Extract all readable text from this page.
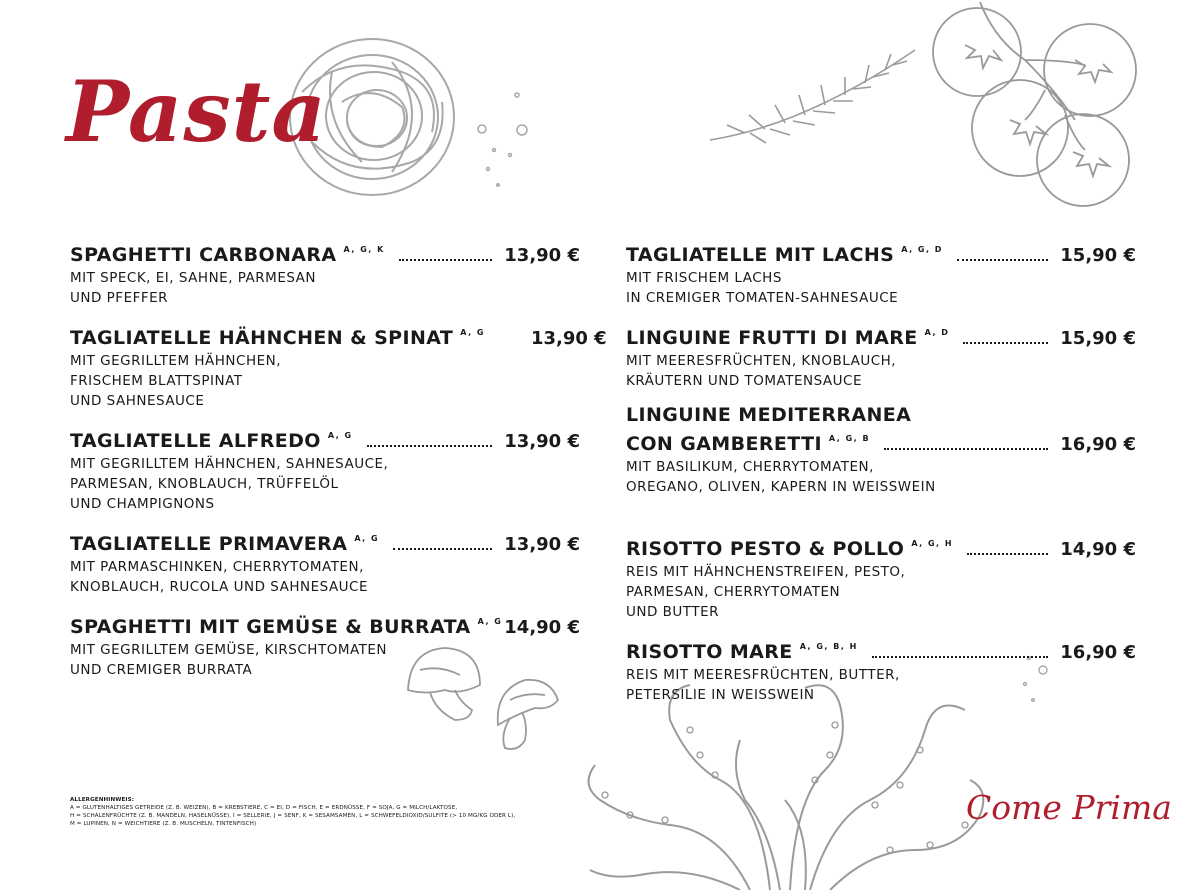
Pasta
SPAGHETTI CARBONARA $^{A, G, K}$	13,90 €
MIT SPECK, EI, SAHNE, PARMESAN
UND PFEFFER
TAGLIATELLE HÄHNCHEN & SPINAT $^{A, G}$	13,90 €
MIT GEGRILLTEM HÄHNCHEN,
FRISCHEM BLATTSPINAT
UND SAHNESAUCE
TAGLIATELLE ALFREDO $^{A, G}$	13,90 €
MIT GEGRILLTEM HÄHNCHEN, SAHNESAUCE,
PARMESAN, KNOBLAUCH, TRÜFFELÖL
UND CHAMPIGNONS
TAGLIATELLE PRIMAVERA $^{A, G}$	13,90 €
MIT PARMASCHINKEN, CHERRYTOMATEN,
KNOBLAUCH, RUCOLA UND SAHNESAUCE
SPAGHETTI MIT GEMÜSE & BURRATA $^{A, G}$ 14,90 €
MIT GEGRILLTEM GEMÜSE, KIRSCHTOMATEN
UND CREMIGER BURRATA
TAGLIATELLE MIT LACHS $^{A, G, D}$	15,90 €
MIT FRISCHEM LACHS
IN CREMIGER TOMATEN-SAHNESAUCE
LINGUINE FRUTTI DI MARE $^{A, D}$	15,90 €
MIT MEERESFRÜCHTEN, KNOBLAUCH,
KRÄUTERN UND TOMATENSAUCE
LINGUINE MEDITERRANEA
CON GAMBERETTI $^{A, G, B}$	16,90 €
MIT BASILIKUM, CHERRYTOMATEN,
OREGANO, OLIVEN, KAPERN IN WEISSWEIN
RISOTTO PESTO & POLLO $^{A, G, H}$	14,90 €
REIS MIT HÄHNCHENSTREIFEN, PESTO,
PARMESAN, CHERRYTOMATEN
UND BUTTER
RISOTTO MARE $^{A, G, B, H}$	16,90 €
REIS MIT MEERESFRÜCHTEN, BUTTER,
PETERSILIE IN WEISSWEIN
ALLERGENHINWEIS:
A = GLUTENHALTIGES GETREIDE (Z. B. WEIZEN), B = KREBSTIERE, C = EI, D = FISCH, E = ERDNÜSSE, F = SOJA, G = MILCH/LAKTOSE,
H = SCHALENFRÜCHTE (Z. B. MANDELN, HASELNÜSSE), I = SELLERIE, J = SENF, K = SESAMSAMEN, L = SCHWEFELDIOXID/SULFITE (> 10 MG/KG ODER L),
M = LUPINEN, N = WEICHTIERE (Z. B. MUSCHELN, TINTENFISCH)	Come Prima
